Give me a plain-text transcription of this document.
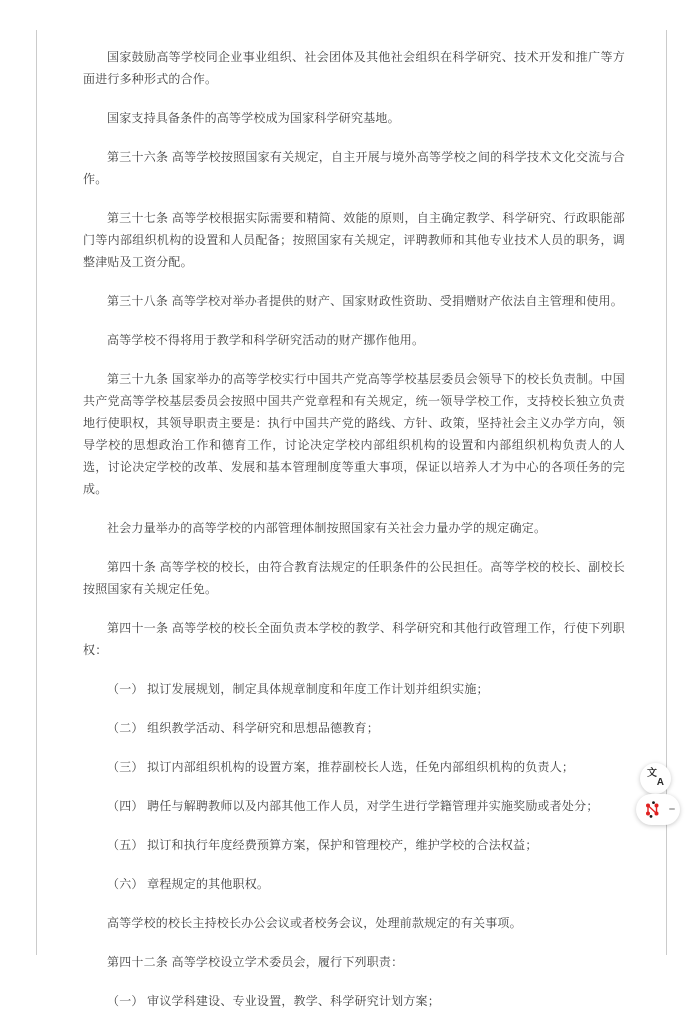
国家鼓励高等学校同企业事业组织、社会团体及其他社会组织在科学研究、技术开发和推广等方面进行多种形式的合作。

国家支持具备条件的高等学校成为国家科学研究基地。

第三十六条 高等学校按照国家有关规定，自主开展与境外高等学校之间的科学技术文化交流与合作。

第三十七条 高等学校根据实际需要和精简、效能的原则，自主确定教学、科学研究、行政职能部门等内部组织机构的设置和人员配备；按照国家有关规定，评聘教师和其他专业技术人员的职务，调整津贴及工资分配。

第三十八条 高等学校对举办者提供的财产、国家财政性资助、受捐赠财产依法自主管理和使用。

高等学校不得将用于教学和科学研究活动的财产挪作他用。

第三十九条 国家举办的高等学校实行中国共产党高等学校基层委员会领导下的校长负责制。中国共产党高等学校基层委员会按照中国共产党章程和有关规定，统一领导学校工作，支持校长独立负责地行使职权，其领导职责主要是：执行中国共产党的路线、方针、政策，坚持社会主义办学方向，领导学校的思想政治工作和德育工作，讨论决定学校内部组织机构的设置和内部组织机构负责人的人选，讨论决定学校的改革、发展和基本管理制度等重大事项，保证以培养人才为中心的各项任务的完成。

社会力量举办的高等学校的内部管理体制按照国家有关社会力量办学的规定确定。

第四十条 高等学校的校长，由符合教育法规定的任职条件的公民担任。高等学校的校长、副校长按照国家有关规定任免。

第四十一条 高等学校的校长全面负责本学校的教学、科学研究和其他行政管理工作，行使下列职权：

（一） 拟订发展规划，制定具体规章制度和年度工作计划并组织实施；

（二） 组织教学活动、科学研究和思想品德教育；

（三） 拟订内部组织机构的设置方案，推荐副校长人选，任免内部组织机构的负责人；

（四） 聘任与解聘教师以及内部其他工作人员，对学生进行学籍管理并实施奖励或者处分；

（五） 拟订和执行年度经费预算方案，保护和管理校产，维护学校的合法权益；

（六） 章程规定的其他职权。

高等学校的校长主持校长办公会议或者校务会议，处理前款规定的有关事项。

第四十二条 高等学校设立学术委员会，履行下列职责：

（一） 审议学科建设、专业设置，教学、科学研究计划方案；

文
A
